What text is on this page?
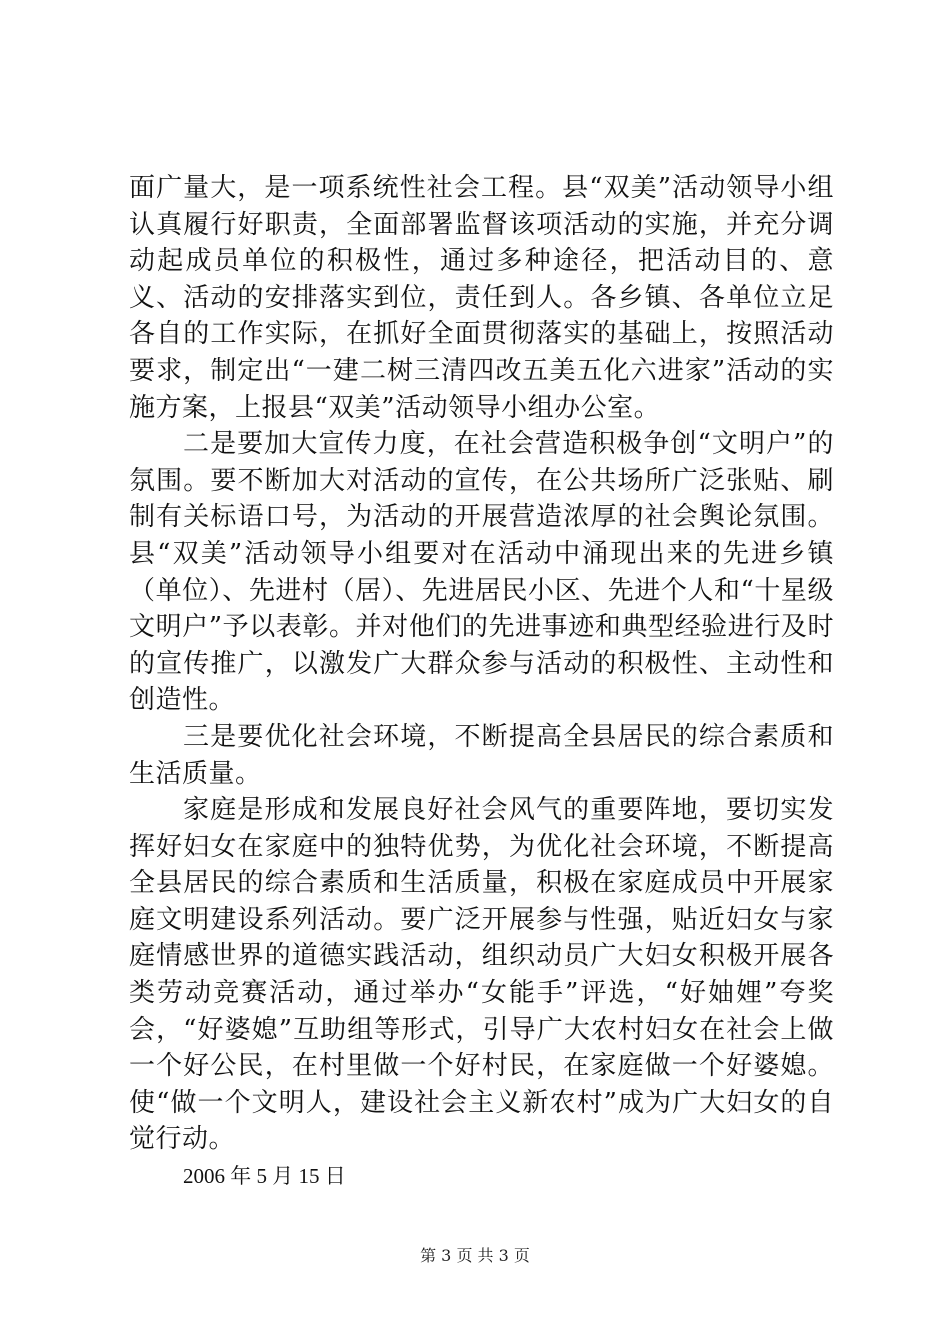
面广量大，是一项系统性社会工程。县“双美”活动领导小组认真履行好职责，全面部署监督该项活动的实施，并充分调动起成员单位的积极性，通过多种途径，把活动目的、意义、活动的安排落实到位，责任到人。各乡镇、各单位立足各自的工作实际，在抓好全面贯彻落实的基础上，按照活动要求，制定出“一建二树三清四改五美五化六进家”活动的实施方案，上报县“双美”活动领导小组办公室。

二是要加大宣传力度，在社会营造积极争创“文明户”的氛围。要不断加大对活动的宣传，在公共场所广泛张贴、刷制有关标语口号，为活动的开展营造浓厚的社会舆论氛围。县“双美”活动领导小组要对在活动中涌现出来的先进乡镇（单位）、先进村（居）、先进居民小区、先进个人和“十星级文明户”予以表彰。并对他们的先进事迹和典型经验进行及时的宣传推广，以激发广大群众参与活动的积极性、主动性和创造性。

三是要优化社会环境，不断提高全县居民的综合素质和生活质量。

家庭是形成和发展良好社会风气的重要阵地，要切实发挥好妇女在家庭中的独特优势，为优化社会环境，不断提高全县居民的综合素质和生活质量，积极在家庭成员中开展家庭文明建设系列活动。要广泛开展参与性强，贴近妇女与家庭情感世界的道德实践活动，组织动员广大妇女积极开展各类劳动竞赛活动，通过举办“女能手”评选，“好妯娌”夸奖会，“好婆媳”互助组等形式，引导广大农村妇女在社会上做一个好公民，在村里做一个好村民，在家庭做一个好婆媳。使“做一个文明人，建设社会主义新农村”成为广大妇女的自觉行动。

2006 年 5 月 15 日

第 3 页 共 3 页
